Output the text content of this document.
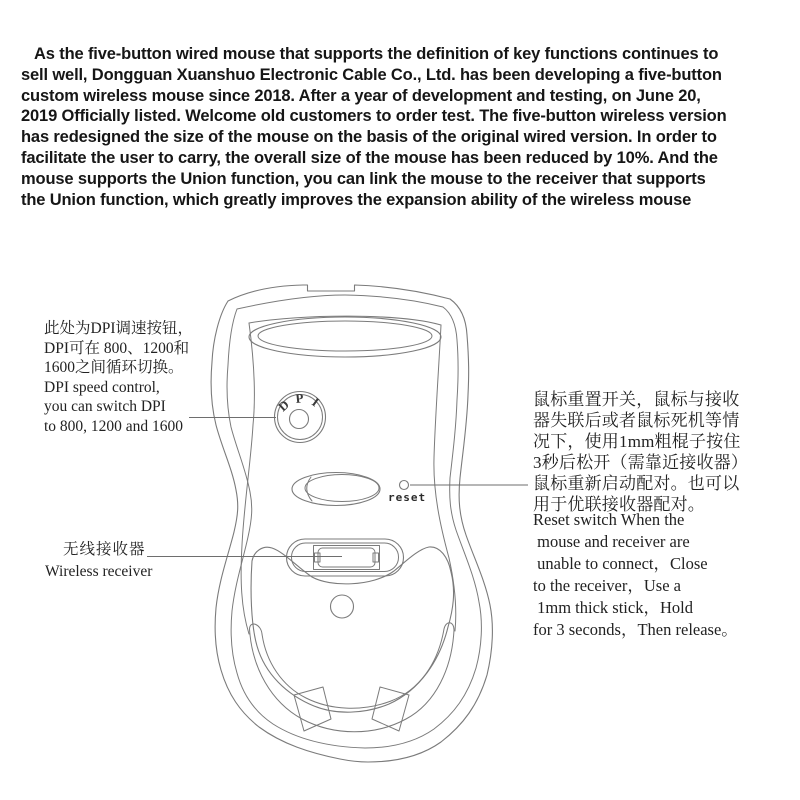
D P I
As the five-button wired mouse that supports the definition of key functions continues to
sell well, Dongguan Xuanshuo Electronic Cable Co., Ltd. has been developing a five-button
custom wireless mouse since 2018. After a year of development and testing, on June 20,
2019 Officially listed. Welcome old customers to order test. The five-button wireless version
has redesigned the size of the mouse on the basis of the original wired version. In order to
facilitate the user to carry, the overall size of the mouse has been reduced by 10%. And the
mouse supports the Union function, you can link the mouse to the receiver that supports
the Union function, which greatly improves the expansion ability of the wireless mouse
此处为DPI调速按钮，
DPI可在 800、1200和
1600之间循环切换。
DPI speed control,
you can switch DPI
to 800, 1200 and 1600
无线接收器
Wireless receiver
鼠标重置开关，鼠标与接收
器失联后或者鼠标死机等情
况下，使用1mm粗棍子按住
3秒后松开（需靠近接收器）
鼠标重新启动配对。也可以
用于优联接收器配对。
Reset switch When the
mouse and receiver are
unable to connect，Close
to the receiver，Use a
1mm thick stick，Hold
for 3 seconds，Then release。
reset
